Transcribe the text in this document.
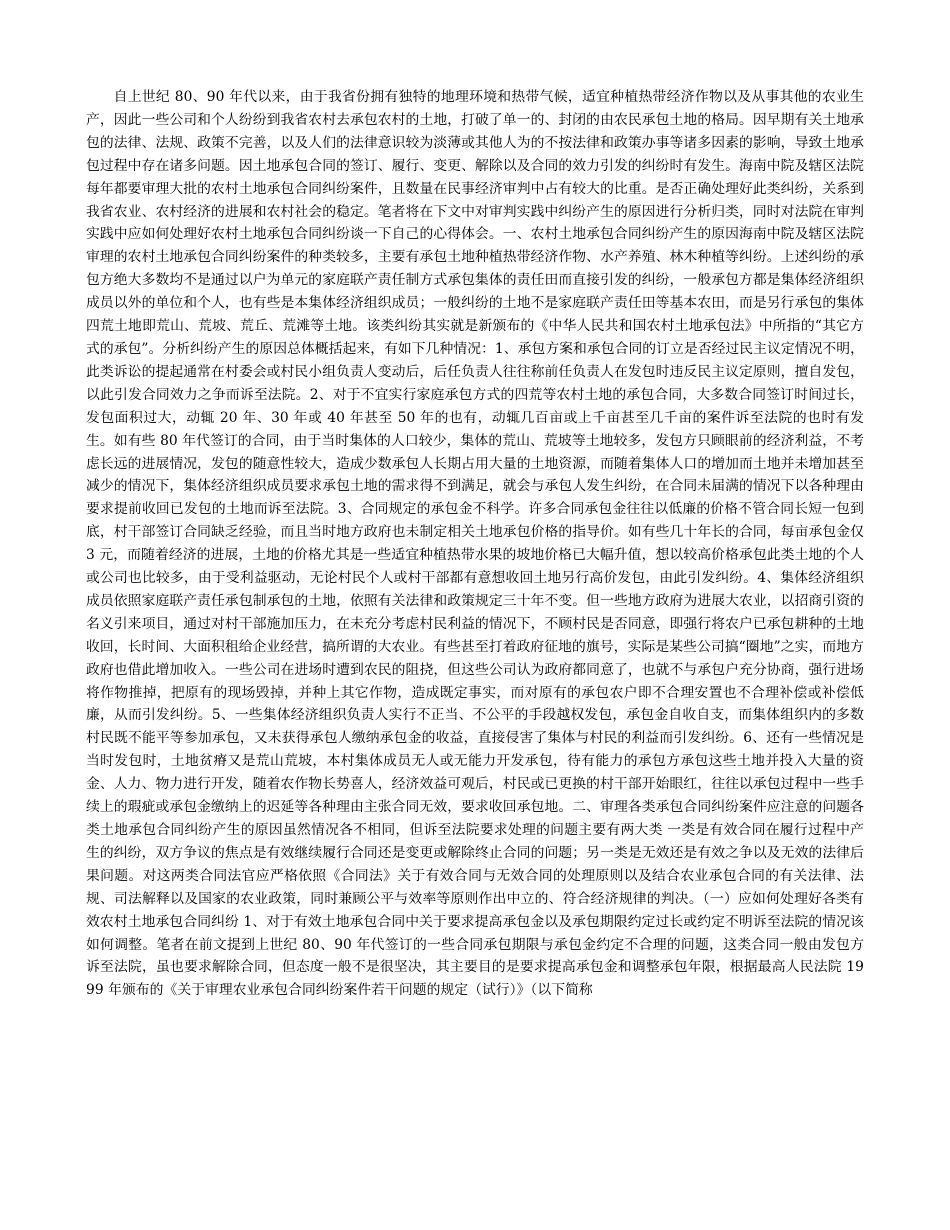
自上世纪 80、90 年代以来，由于我省份拥有独特的地理环境和热带气候，适宜种植热带经济作物以及从事其他的农业生产，因此一些公司和个人纷纷到我省农村去承包农村的土地，打破了单一的、封闭的由农民承包土地的格局。因早期有关土地承包的法律、法规、政策不完善，以及人们的法律意识较为淡薄或其他人为的不按法律和政策办事等诸多因素的影响，导致土地承包过程中存在诸多问题。因土地承包合同的签订、履行、变更、解除以及合同的效力引发的纠纷时有发生。海南中院及辖区法院每年都要审理大批的农村土地承包合同纠纷案件，且数量在民事经济审判中占有较大的比重。是否正确处理好此类纠纷，关系到我省农业、农村经济的进展和农村社会的稳定。笔者将在下文中对审判实践中纠纷产生的原因进行分析归类，同时对法院在审判实践中应如何处理好农村土地承包合同纠纷谈一下自己的心得体会。一、农村土地承包合同纠纷产生的原因海南中院及辖区法院审理的农村土地承包合同纠纷案件的种类较多，主要有承包土地种植热带经济作物、水产养殖、林木种植等纠纷。上述纠纷的承包方绝大多数均不是通过以户为单元的家庭联产责任制方式承包集体的责任田而直接引发的纠纷，一般承包方都是集体经济组织成员以外的单位和个人，也有些是本集体经济组织成员；一般纠纷的土地不是家庭联产责任田等基本农田，而是另行承包的集体四荒土地即荒山、荒坡、荒丘、荒滩等土地。该类纠纷其实就是新颁布的《中华人民共和国农村土地承包法》中所指的“其它方式的承包”。分析纠纷产生的原因总体概括起来，有如下几种情况：1、承包方案和承包合同的订立是否经过民主议定情况不明，此类诉讼的提起通常在村委会或村民小组负责人变动后，后任负责人往往称前任负责人在发包时违反民主议定原则，擅自发包，以此引发合同效力之争而诉至法院。2、对于不宜实行家庭承包方式的四荒等农村土地的承包合同，大多数合同签订时间过长，发包面积过大，动辄 20 年、30 年或 40 年甚至 50 年的也有，动辄几百亩或上千亩甚至几千亩的案件诉至法院的也时有发生。如有些 80 年代签订的合同，由于当时集体的人口较少，集体的荒山、荒坡等土地较多，发包方只顾眼前的经济利益，不考虑长远的进展情况，发包的随意性较大，造成少数承包人长期占用大量的土地资源，而随着集体人口的增加而土地并未增加甚至减少的情况下，集体经济组织成员要求承包土地的需求得不到满足，就会与承包人发生纠纷，在合同未届满的情况下以各种理由要求提前收回已发包的土地而诉至法院。3、合同规定的承包金不科学。许多合同承包金往往以低廉的价格不管合同长短一包到底，村干部签订合同缺乏经验，而且当时地方政府也未制定相关土地承包价格的指导价。如有些几十年长的合同，每亩承包金仅 3 元，而随着经济的进展，土地的价格尤其是一些适宜种植热带水果的坡地价格已大幅升值，想以较高价格承包此类土地的个人或公司也比较多，由于受利益驱动，无论村民个人或村干部都有意想收回土地另行高价发包，由此引发纠纷。4、集体经济组织成员依照家庭联产责任承包制承包的土地，依照有关法律和政策规定三十年不变。但一些地方政府为进展大农业，以招商引资的名义引来项目，通过对村干部施加压力，在未充分考虑村民利益的情况下，不顾村民是否同意，即强行将农户已承包耕种的土地收回，长时间、大面积租给企业经营，搞所谓的大农业。有些甚至打着政府征地的旗号，实际是某些公司搞“圈地”之实，而地方政府也借此增加收入。一些公司在进场时遭到农民的阻挠，但这些公司认为政府都同意了，也就不与承包户充分协商，强行进场将作物推掉，把原有的现场毁掉，并种上其它作物，造成既定事实，而对原有的承包农户即不合理安置也不合理补偿或补偿低廉，从而引发纠纷。5、一些集体经济组织负责人实行不正当、不公平的手段越权发包，承包金自收自支，而集体组织内的多数村民既不能平等参加承包，又未获得承包人缴纳承包金的收益，直接侵害了集体与村民的利益而引发纠纷。6、还有一些情况是当时发包时，土地贫瘠又是荒山荒坡，本村集体成员无人或无能力开发承包，待有能力的承包方承包这些土地并投入大量的资金、人力、物力进行开发，随着农作物长势喜人，经济效益可观后，村民或已更换的村干部开始眼红，往往以承包过程中一些手续上的瑕疵或承包金缴纳上的迟延等各种理由主张合同无效，要求收回承包地。二、审理各类承包合同纠纷案件应注意的问题各类土地承包合同纠纷产生的原因虽然情况各不相同，但诉至法院要求处理的问题主要有两大类 一类是有效合同在履行过程中产生的纠纷，双方争议的焦点是有效继续履行合同还是变更或解除终止合同的问题；另一类是无效还是有效之争以及无效的法律后果问题。对这两类合同法官应严格依照《合同法》关于有效合同与无效合同的处理原则以及结合农业承包合同的有关法律、法规、司法解释以及国家的农业政策，同时兼顾公平与效率等原则作出中立的、符合经济规律的判决。（一）应如何处理好各类有效农村土地承包合同纠纷 1、对于有效土地承包合同中关于要求提高承包金以及承包期限约定过长或约定不明诉至法院的情况该如何调整。笔者在前文提到上世纪 80、90 年代签订的一些合同承包期限与承包金约定不合理的问题，这类合同一般由发包方诉至法院，虽也要求解除合同，但态度一般不是很坚决，其主要目的是要求提高承包金和调整承包年限，根据最高人民法院 1999 年颁布的《关于审理农业承包合同纠纷案件若干问题的规定（试行）》（以下简称
